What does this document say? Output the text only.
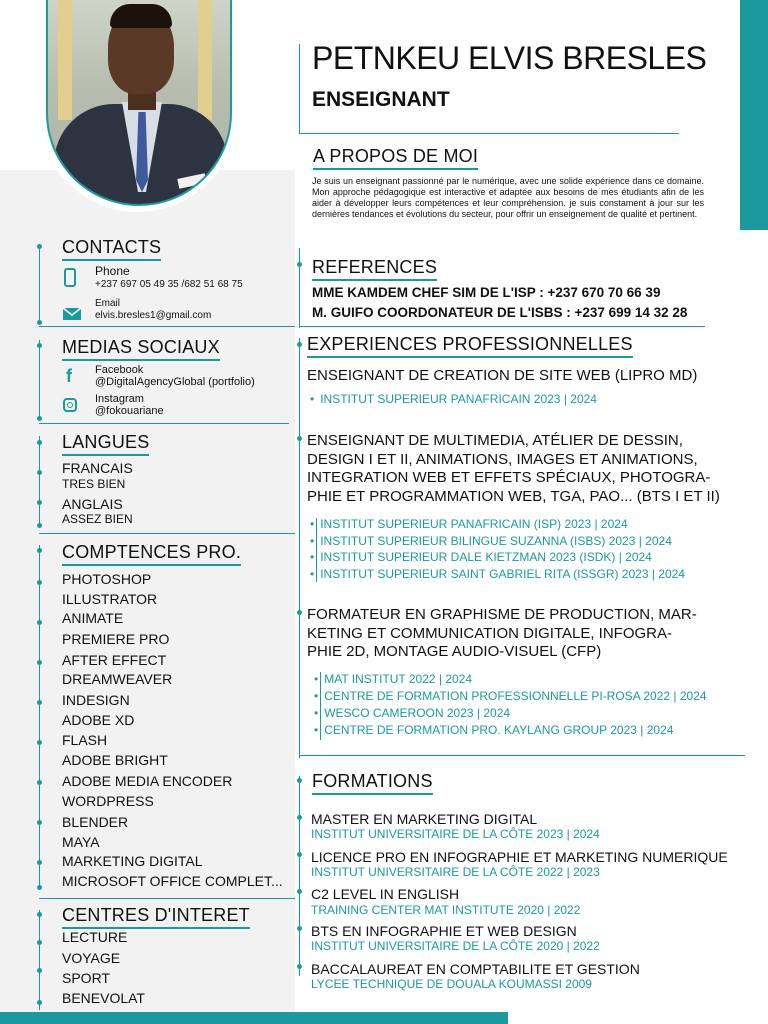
PETNKEU ELVIS BRESLES
ENSEIGNANT
A PROPOS DE MOI
Je suis un enseignant passionné par le numérique, avec une solide expérience dans ce domaine. Mon approche pédagogique est interactive et adaptée aux besoins de mes étudiants afin de les aider à développer leurs compétences et leur compréhension. je suis constament à jour sur les dernières tendances et évolutions du secteur, pour offrir un enseignement de qualité et pertinent.
REFERENCES
MME KAMDEM CHEF SIM DE L'ISP : +237 670 70 66 39
M. GUIFO COORDONATEUR DE L'ISBS : +237 699 14 32 28
CONTACTS
Phone
+237 697 05 49 35 /682 51 68 75
Email
elvis.bresles1@gmail.com
MEDIAS SOCIAUX
f Facebook
@DigitalAgencyGlobal (portfolio)
Instagram
@fokouariane
LANGUES
FRANCAIS
TRES BIEN
ANGLAIS
ASSEZ BIEN
COMPTENCES PRO.
PHOTOSHOP
ILLUSTRATOR
ANIMATE
PREMIERE PRO
AFTER EFFECT
DREAMWEAVER
INDESIGN
ADOBE XD
FLASH
ADOBE BRIGHT
ADOBE MEDIA ENCODER
WORDPRESS
BLENDER
MAYA
MARKETING DIGITAL
MICROSOFT OFFICE COMPLET...
CENTRES D'INTERET
LECTURE
VOYAGE
SPORT
BENEVOLAT
EXPERIENCES PROFESSIONNELLES
ENSEIGNANT DE CREATION DE SITE WEB (LIPRO MD)
• INSTITUT SUPERIEUR PANAFRICAIN 2023 | 2024
ENSEIGNANT DE MULTIMEDIA, ATÉLIER DE DESSIN,
DESIGN I ET II, ANIMATIONS, IMAGES ET ANIMATIONS,
INTEGRATION WEB ET EFFETS SPÉCIAUX, PHOTOGRA-
PHIE ET PROGRAMMATION WEB, TGA, PAO... (BTS I ET II)
• INSTITUT SUPERIEUR PANAFRICAIN (ISP) 2023 | 2024
• INSTITUT SUPERIEUR BILINGUE SUZANNA (ISBS) 2023 | 2024
• INSTITUT SUPERIEUR DALE KIETZMAN 2023 (ISDK) | 2024
• INSTITUT SUPERIEUR SAINT GABRIEL RITA (ISSGR) 2023 | 2024
FORMATEUR EN GRAPHISME DE PRODUCTION, MAR-
KETING ET COMMUNICATION DIGITALE, INFOGRA-
PHIE 2D, MONTAGE AUDIO-VISUEL (CFP)
• MAT INSTITUT 2022 | 2024
• CENTRE DE FORMATION PROFESSIONNELLE PI-ROSA 2022 | 2024
• WESCO CAMEROON 2023 | 2024
• CENTRE DE FORMATION PRO. KAYLANG GROUP 2023 | 2024
FORMATIONS
MASTER EN MARKETING DIGITAL
INSTITUT UNIVERSITAIRE DE LA CÔTE 2023 | 2024
LICENCE PRO EN INFOGRAPHIE ET MARKETING NUMERIQUE
INSTITUT UNIVERSITAIRE DE LA CÔTE 2022 | 2023
C2 LEVEL IN ENGLISH
TRAINING CENTER MAT INSTITUTE 2020 | 2022
BTS EN INFOGRAPHIE ET WEB DESIGN
INSTITUT UNIVERSITAIRE DE LA CÔTE 2020 | 2022
BACCALAUREAT EN COMPTABILITE ET GESTION
LYCEE TECHNIQUE DE DOUALA KOUMASSI 2009
